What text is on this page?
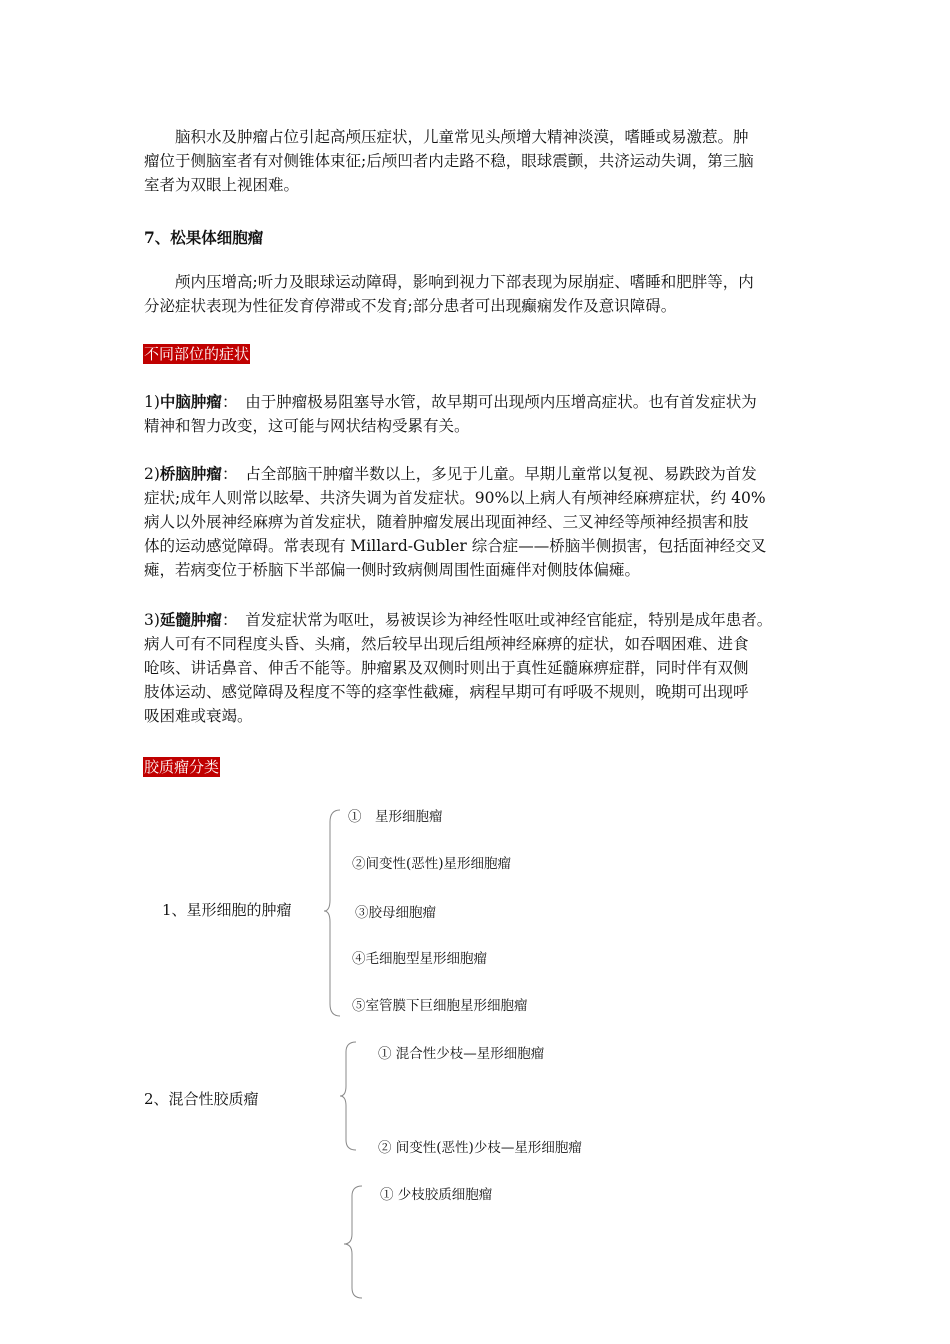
　　脑积水及肿瘤占位引起高颅压症状，儿童常见头颅增大精神淡漠，嗜睡或易激惹。肿
瘤位于侧脑室者有对侧锥体束征;后颅凹者内走路不稳，眼球震颤，共济运动失调，第三脑
室者为双眼上视困难。
7、松果体细胞瘤
　　颅内压增高;听力及眼球运动障碍，影响到视力下部表现为尿崩症、嗜睡和肥胖等，内
分泌症状表现为性征发育停滞或不发育;部分患者可出现癫痫发作及意识障碍。
不同部位的症状
1)中脑肿瘤：　由于肿瘤极易阻塞导水管，故早期可出现颅内压增高症状。也有首发症状为
精神和智力改变，这可能与网状结构受累有关。
2)桥脑肿瘤：　占全部脑干肿瘤半数以上，多见于儿童。早期儿童常以复视、易跌跤为首发
症状;成年人则常以眩晕、共济失调为首发症状。90%以上病人有颅神经麻痹症状，约 40%
病人以外展神经麻痹为首发症状，随着肿瘤发展出现面神经、三叉神经等颅神经损害和肢
体的运动感觉障碍。常表现有 Millard-Gubler 综合症——桥脑半侧损害，包括面神经交叉
瘫，若病变位于桥脑下半部偏一侧时致病侧周围性面瘫伴对侧肢体偏瘫。
3)延髓肿瘤：　首发症状常为呕吐，易被误诊为神经性呕吐或神经官能症，特别是成年患者。
病人可有不同程度头昏、头痛，然后较早出现后组颅神经麻痹的症状，如吞咽困难、进食
呛咳、讲话鼻音、伸舌不能等。肿瘤累及双侧时则出于真性延髓麻痹症群，同时伴有双侧
肢体运动、感觉障碍及程度不等的痉挛性截瘫，病程早期可有呼吸不规则，晚期可出现呼
吸困难或衰竭。
胶质瘤分类
1、星形细胞的肿瘤
①　星形细胞瘤
②间变性(恶性)星形细胞瘤
③胶母细胞瘤
④毛细胞型星形细胞瘤
⑤室管膜下巨细胞星形细胞瘤
2、混合性胶质瘤
① 混合性少枝—星形细胞瘤
② 间变性(恶性)少枝—星形细胞瘤
① 少枝胶质细胞瘤
